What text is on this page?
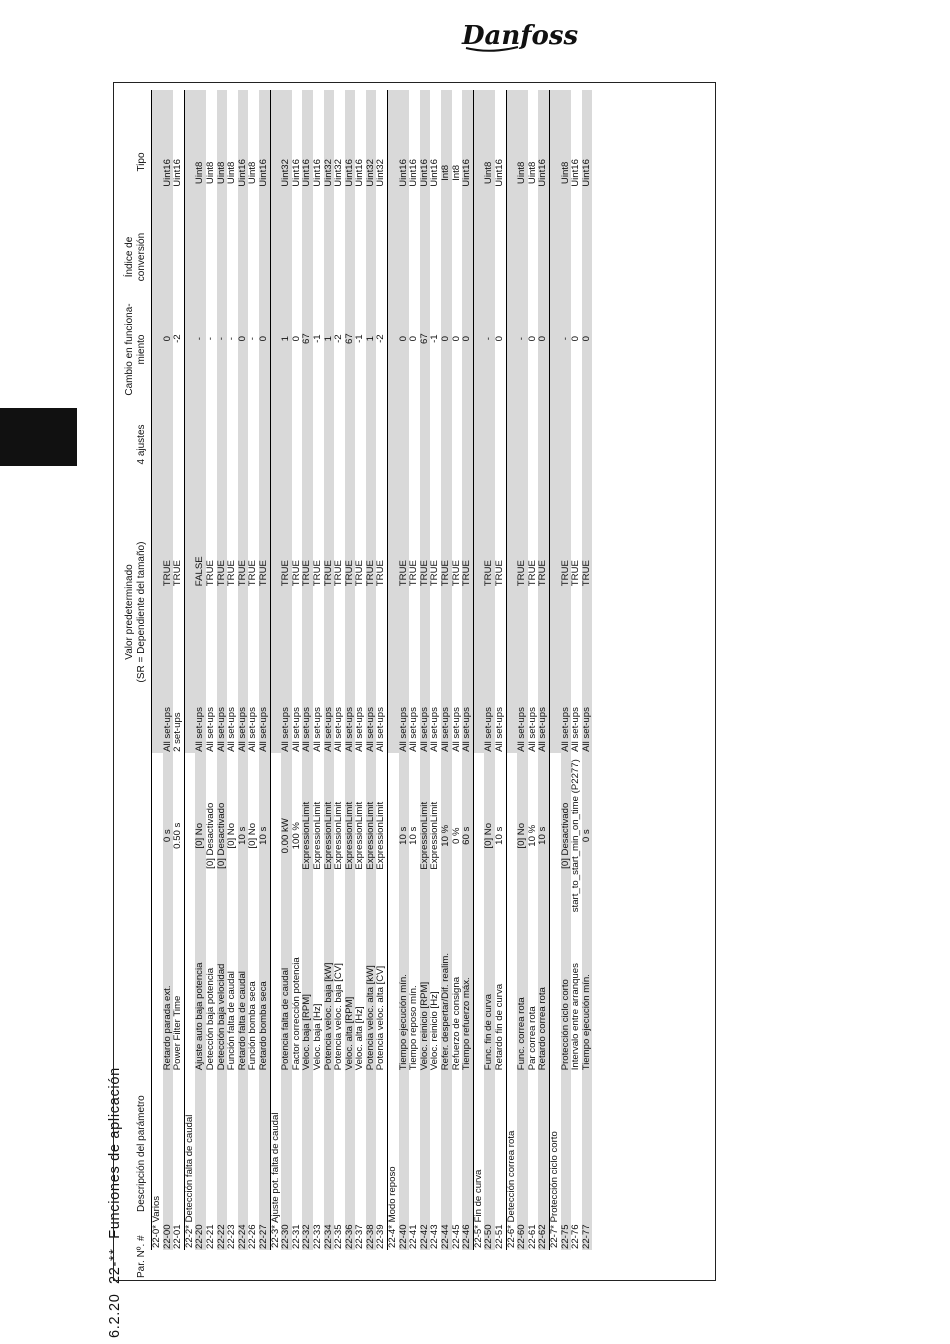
Danfoss
6.2.20  22-**  Funciones de aplicación
Par. Nº. #
Descripción del parámetro
Valor predeterminado (SR = Dependiente del tamaño)
4 ajustes
Cambio en funciona- miento
Índice de conversión
Tipo
22-0* Varios						
22-00	Retardo parada ext.	0 s	All set-ups	TRUE	0	Uint16
22-01	Power Filter Time	0.50 s	2 set-ups	TRUE	-2	Uint16
22-2* Detección falta de caudal						
22-20	Ajuste auto baja potencia	[0] No	All set-ups	FALSE	-	Uint8
22-21	Detección baja potencia	[0] Desactivado	All set-ups	TRUE	-	Uint8
22-22	Detección baja velocidad	[0] Desactivado	All set-ups	TRUE	-	Uint8
22-23	Función falta de caudal	[0] No	All set-ups	TRUE	-	Uint8
22-24	Retardo falta de caudal	10 s	All set-ups	TRUE	0	Uint16
22-26	Función bomba seca	[0] No	All set-ups	TRUE	-	Uint8
22-27	Retardo bomba seca	10 s	All set-ups	TRUE	0	Uint16
22-3* Ajuste pot. falta de caudal						
22-30	Potencia falta de caudal	0.00 kW	All set-ups	TRUE	1	Uint32
22-31	Factor corrección potencia	100 %	All set-ups	TRUE	0	Uint16
22-32	Veloc. baja [RPM]	ExpressionLimit	All set-ups	TRUE	67	Uint16
22-33	Veloc. baja [Hz]	ExpressionLimit	All set-ups	TRUE	-1	Uint16
22-34	Potencia veloc. baja [kW]	ExpressionLimit	All set-ups	TRUE	1	Uint32
22-35	Potencia veloc. baja [CV]	ExpressionLimit	All set-ups	TRUE	-2	Uint32
22-36	Veloc. alta [RPM]	ExpressionLimit	All set-ups	TRUE	67	Uint16
22-37	Veloc. alta [Hz]	ExpressionLimit	All set-ups	TRUE	-1	Uint16
22-38	Potencia veloc. alta [kW]	ExpressionLimit	All set-ups	TRUE	1	Uint32
22-39	Potencia veloc. alta [CV]	ExpressionLimit	All set-ups	TRUE	-2	Uint32
22-4* Modo reposo						
22-40	Tiempo ejecución mín.	10 s	All set-ups	TRUE	0	Uint16
22-41	Tiempo reposo mín.	10 s	All set-ups	TRUE	0	Uint16
22-42	Veloc. reinicio [RPM]	ExpressionLimit	All set-ups	TRUE	67	Uint16
22-43	Veloc. reinicio [Hz]	ExpressionLimit	All set-ups	TRUE	-1	Uint16
22-44	Refer. despertar/Dif. realim.	10 %	All set-ups	TRUE	0	Int8
22-45	Refuerzo de consigna	0 %	All set-ups	TRUE	0	Int8
22-46	Tiempo refuerzo máx.	60 s	All set-ups	TRUE	0	Uint16
22-5* Fin de curva						
22-50	Func. fin de curva	[0] No	All set-ups	TRUE	-	Uint8
22-51	Retardo fin de curva	10 s	All set-ups	TRUE	0	Uint16
22-6* Detección correa rota						
22-60	Func. correa rota	[0] No	All set-ups	TRUE	-	Uint8
22-61	Par correa rota	10 %	All set-ups	TRUE	0	Uint8
22-62	Retardo correa rota	10 s	All set-ups	TRUE	0	Uint16
22-7* Protección ciclo corto						
22-75	Protección ciclo corto	[0] Desactivado	All set-ups	TRUE	-	Uint8
22-76	Intervalo entre arranques	start_to_start_min_on_time (P2277)	All set-ups	TRUE	0	Uint16
22-77	Tiempo ejecución mín.	0 s	All set-ups	TRUE	0	Uint16
